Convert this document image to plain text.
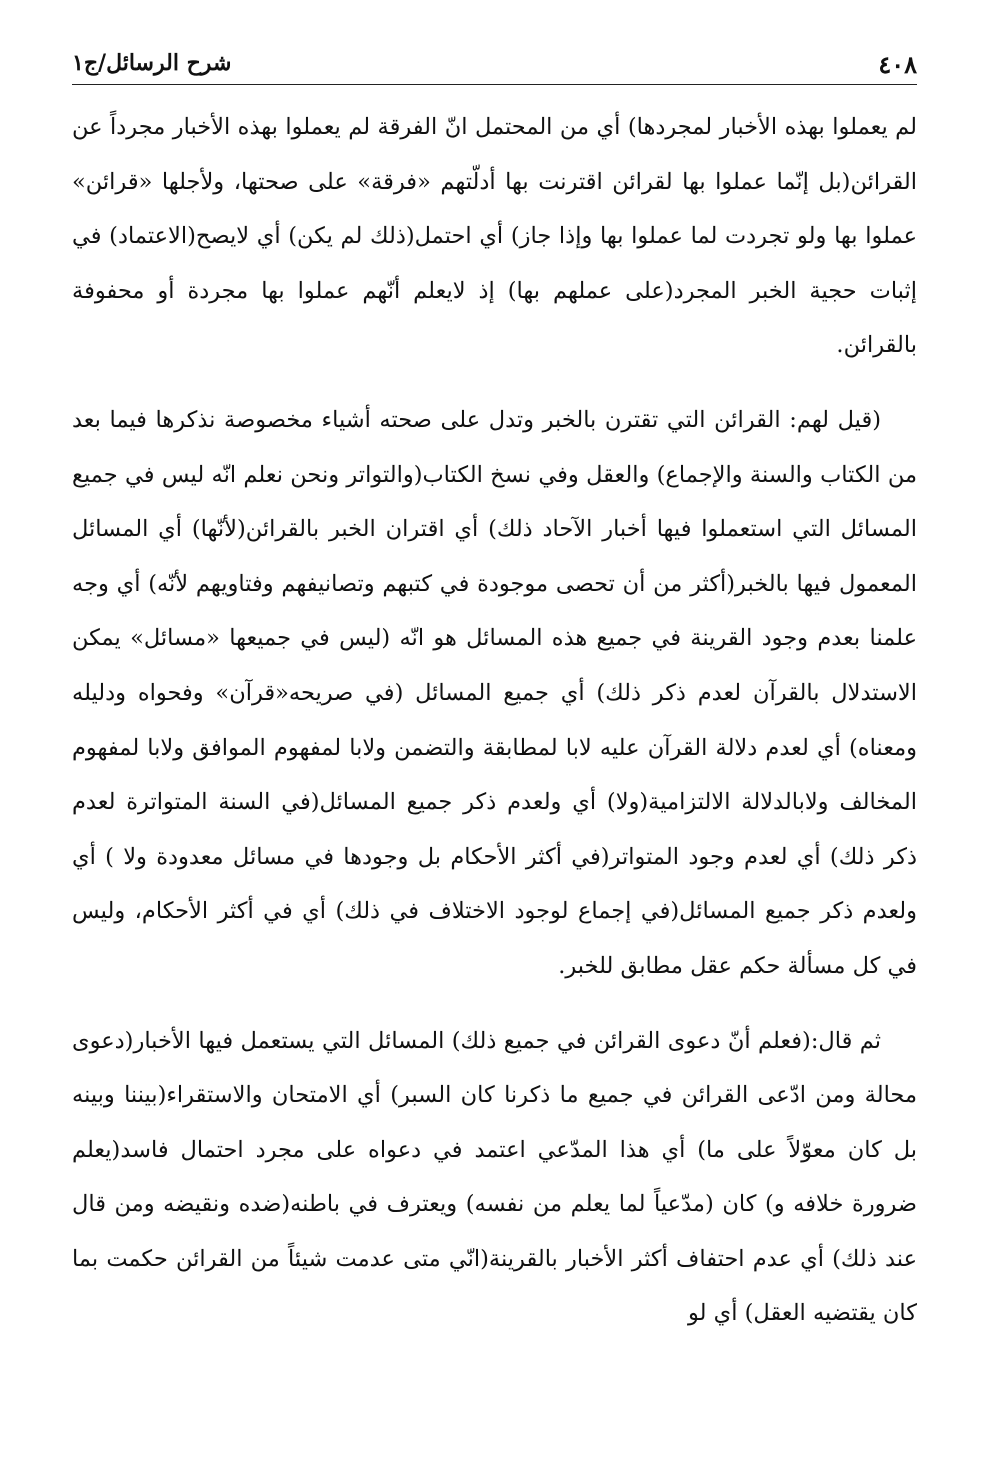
٤٠٨
شرح الرسائل/ج١

لم يعملوا بهذه الأخبار لمجردها) أي من المحتمل انّ الفرقة لم يعملوا بهذه الأخبار مجرداً عن القرائن(بل إنّما عملوا بها لقرائن اقترنت بها أدلّتهم «فرقة» على صحتها، ولأجلها «قرائن» عملوا بها ولو تجردت لما عملوا بها وإذا جاز) أي احتمل(ذلك لم يكن) أي لايصح(الاعتماد) في إثبات حجية الخبر المجرد(على عملهم بها) إذ لايعلم أنّهم عملوا بها مجردة أو محفوفة بالقرائن.

(قيل لهم: القرائن التي تقترن بالخبر وتدل على صحته أشياء مخصوصة نذكرها فيما بعد من الكتاب والسنة والإجماع) والعقل وفي نسخ الكتاب(والتواتر ونحن نعلم انّه ليس في جميع المسائل التي استعملوا فيها أخبار الآحاد ذلك) أي اقتران الخبر بالقرائن(لأنّها) أي المسائل المعمول فيها بالخبر(أكثر من أن تحصى موجودة في كتبهم وتصانيفهم وفتاويهم لأنّه) أي وجه علمنا بعدم وجود القرينة في جميع هذه المسائل هو انّه (ليس في جميعها «مسائل» يمكن الاستدلال بالقرآن لعدم ذكر ذلك) أي جميع المسائل (في صريحه«قرآن» وفحواه ودليله ومعناه) أي لعدم دلالة القرآن عليه لابا لمطابقة والتضمن ولابا لمفهوم الموافق ولابا لمفهوم المخالف ولابالدلالة الالتزامية(ولا) أي ولعدم ذكر جميع المسائل(في السنة المتواترة لعدم ذكر ذلك) أي لعدم وجود المتواتر(في أكثر الأحكام بل وجودها في مسائل معدودة ولا ) أي ولعدم ذكر جميع المسائل(في إجماع لوجود الاختلاف في ذلك) أي في أكثر الأحكام، وليس في كل مسألة حكم عقل مطابق للخبر.

ثم قال:(فعلم أنّ دعوى القرائن في جميع ذلك) المسائل التي يستعمل فيها الأخبار(دعوى محالة ومن ادّعى القرائن في جميع ما ذكرنا كان السبر) أي الامتحان والاستقراء(بيننا وبينه بل كان معوّلاً على ما) أي هذا المدّعي اعتمد في دعواه على مجرد احتمال فاسد(يعلم ضرورة خلافه و) كان (مدّعياً لما يعلم من نفسه) ويعترف في باطنه(ضده ونقيضه ومن قال عند ذلك) أي عدم احتفاف أكثر الأخبار بالقرينة(انّي متى عدمت شيئاً من القرائن حكمت بما كان يقتضيه العقل) أي لو
